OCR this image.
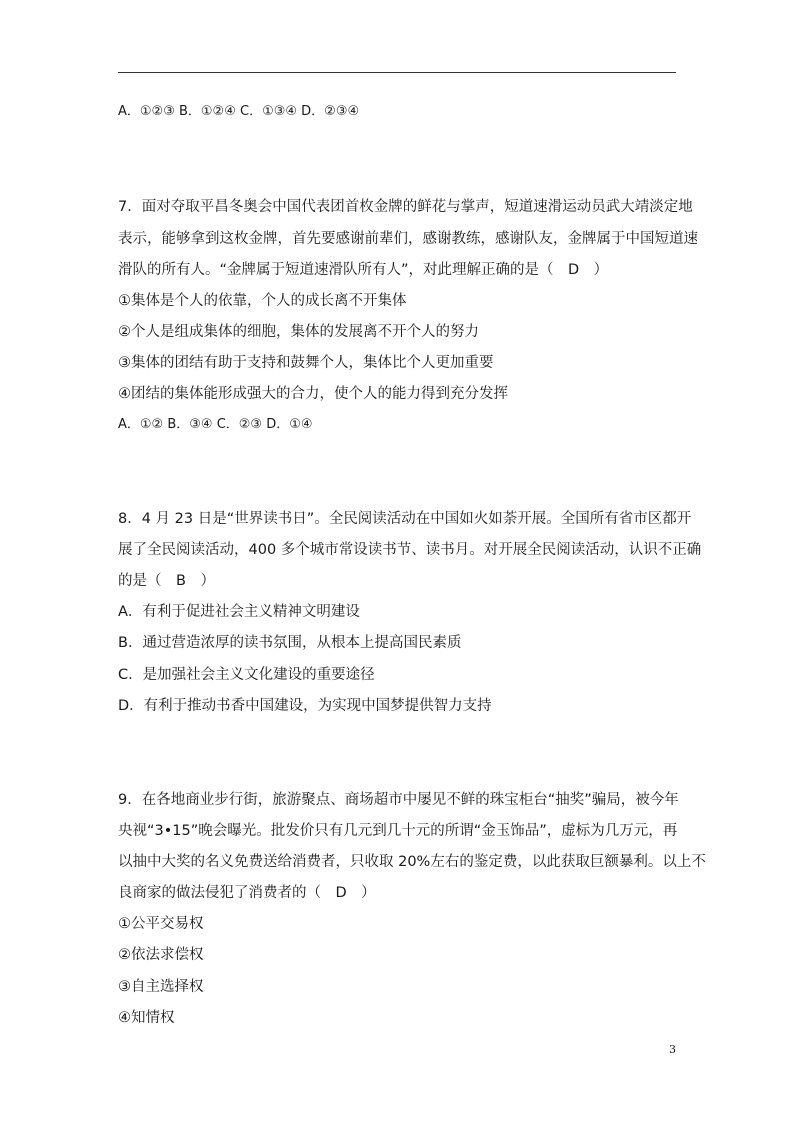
A．①②③ B．①②④ C．①③④ D．②③④
7．面对夺取平昌冬奥会中国代表团首枚金牌的鲜花与掌声，短道速滑运动员武大靖淡定地
表示，能够拿到这枚金牌，首先要感谢前辈们，感谢教练，感谢队友，金牌属于中国短道速
滑队的所有人。“金牌属于短道速滑队所有人”，对此理解正确的是（　D　）
①集体是个人的依靠，个人的成长离不开集体
②个人是组成集体的细胞，集体的发展离不开个人的努力
③集体的团结有助于支持和鼓舞个人，集体比个人更加重要
④团结的集体能形成强大的合力，使个人的能力得到充分发挥
A．①② B．③④ C．②③ D．①④
8．4 月 23 日是“世界读书日”。全民阅读活动在中国如火如荼开展。全国所有省市区都开
展了全民阅读活动，400 多个城市常设读书节、读书月。对开展全民阅读活动，认识不正确
的是（　B　）
A．有利于促进社会主义精神文明建设
B．通过营造浓厚的读书氛围，从根本上提高国民素质
C．是加强社会主义文化建设的重要途径
D．有利于推动书香中国建设，为实现中国梦提供智力支持
9．在各地商业步行街，旅游聚点、商场超市中屡见不鲜的珠宝柜台“抽奖”骗局，被今年
央视“3•15”晚会曝光。批发价只有几元到几十元的所谓“金玉饰品”，虚标为几万元，再
以抽中大奖的名义免费送给消费者，只收取 20%左右的鉴定费，以此获取巨额暴利。以上不
良商家的做法侵犯了消费者的（　D　）
①公平交易权
②依法求偿权
③自主选择权
④知情权
3
